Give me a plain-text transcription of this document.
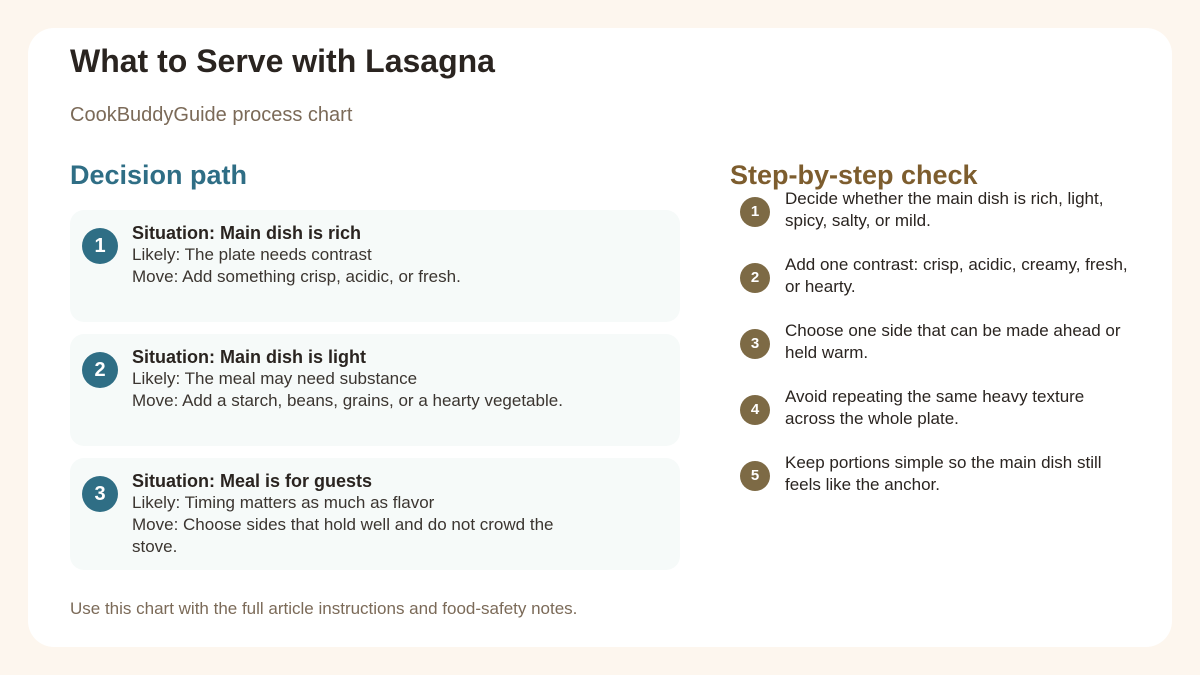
What to Serve with Lasagna
CookBuddyGuide process chart
Decision path
1
Situation: Main dish is rich
Likely: The plate needs contrast
Move: Add something crisp, acidic, or fresh.
2
Situation: Main dish is light
Likely: The meal may need substance
Move: Add a starch, beans, grains, or a hearty vegetable.
3
Situation: Meal is for guests
Likely: Timing matters as much as flavor
Move: Choose sides that hold well and do not crowd the stove.
Step-by-step check
1
Decide whether the main dish is rich, light, spicy, salty, or mild.
2
Add one contrast: crisp, acidic, creamy, fresh, or hearty.
3
Choose one side that can be made ahead or held warm.
4
Avoid repeating the same heavy texture across the whole plate.
5
Keep portions simple so the main dish still feels like the anchor.
Use this chart with the full article instructions and food-safety notes.
